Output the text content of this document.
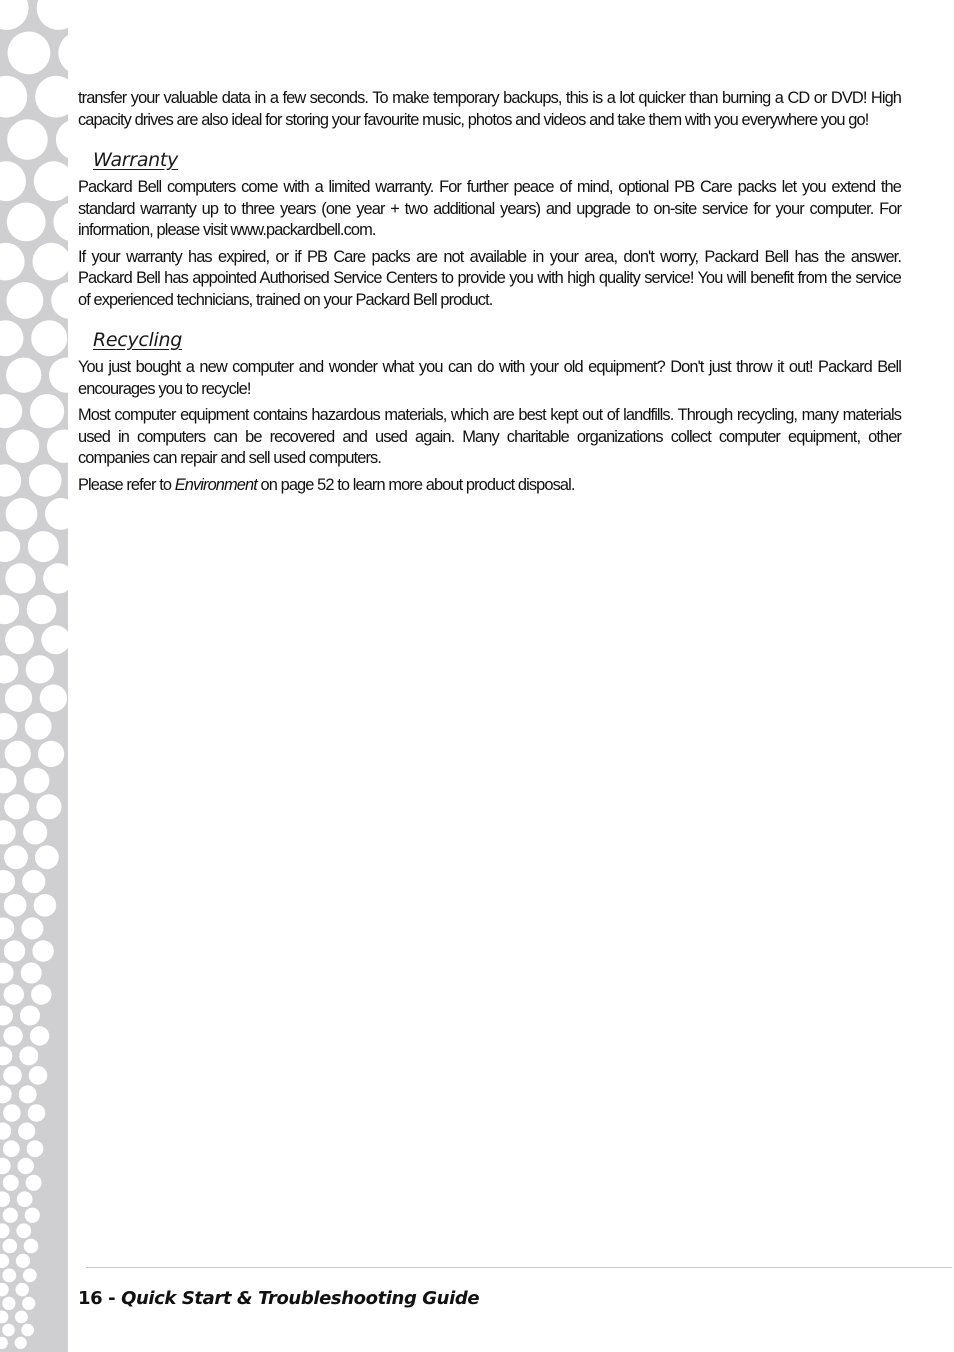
transfer your valuable data in a few seconds. To make temporary backups, this is a lot quicker than burning a CD or DVD! High capacity drives are also ideal for storing your favourite music, photos and videos and take them with you everywhere you go!

Warranty

Packard Bell computers come with a limited warranty. For further peace of mind, optional PB Care packs let you extend the standard warranty up to three years (one year + two additional years) and upgrade to on-site service for your computer. For information, please visit www.packardbell.com.

If your warranty has expired, or if PB Care packs are not available in your area, don't worry, Packard Bell has the answer. Packard Bell has appointed Authorised Service Centers to provide you with high quality service! You will benefit from the service of experienced technicians, trained on your Packard Bell product.

Recycling

You just bought a new computer and wonder what you can do with your old equipment? Don't just throw it out! Packard Bell encourages you to recycle!

Most computer equipment contains hazardous materials, which are best kept out of landfills. Through recycling, many materials used in computers can be recovered and used again. Many charitable organizations collect computer equipment, other companies can repair and sell used computers.

Please refer to Environment on page 52 to learn more about product disposal.

16 - Quick Start & Troubleshooting Guide
